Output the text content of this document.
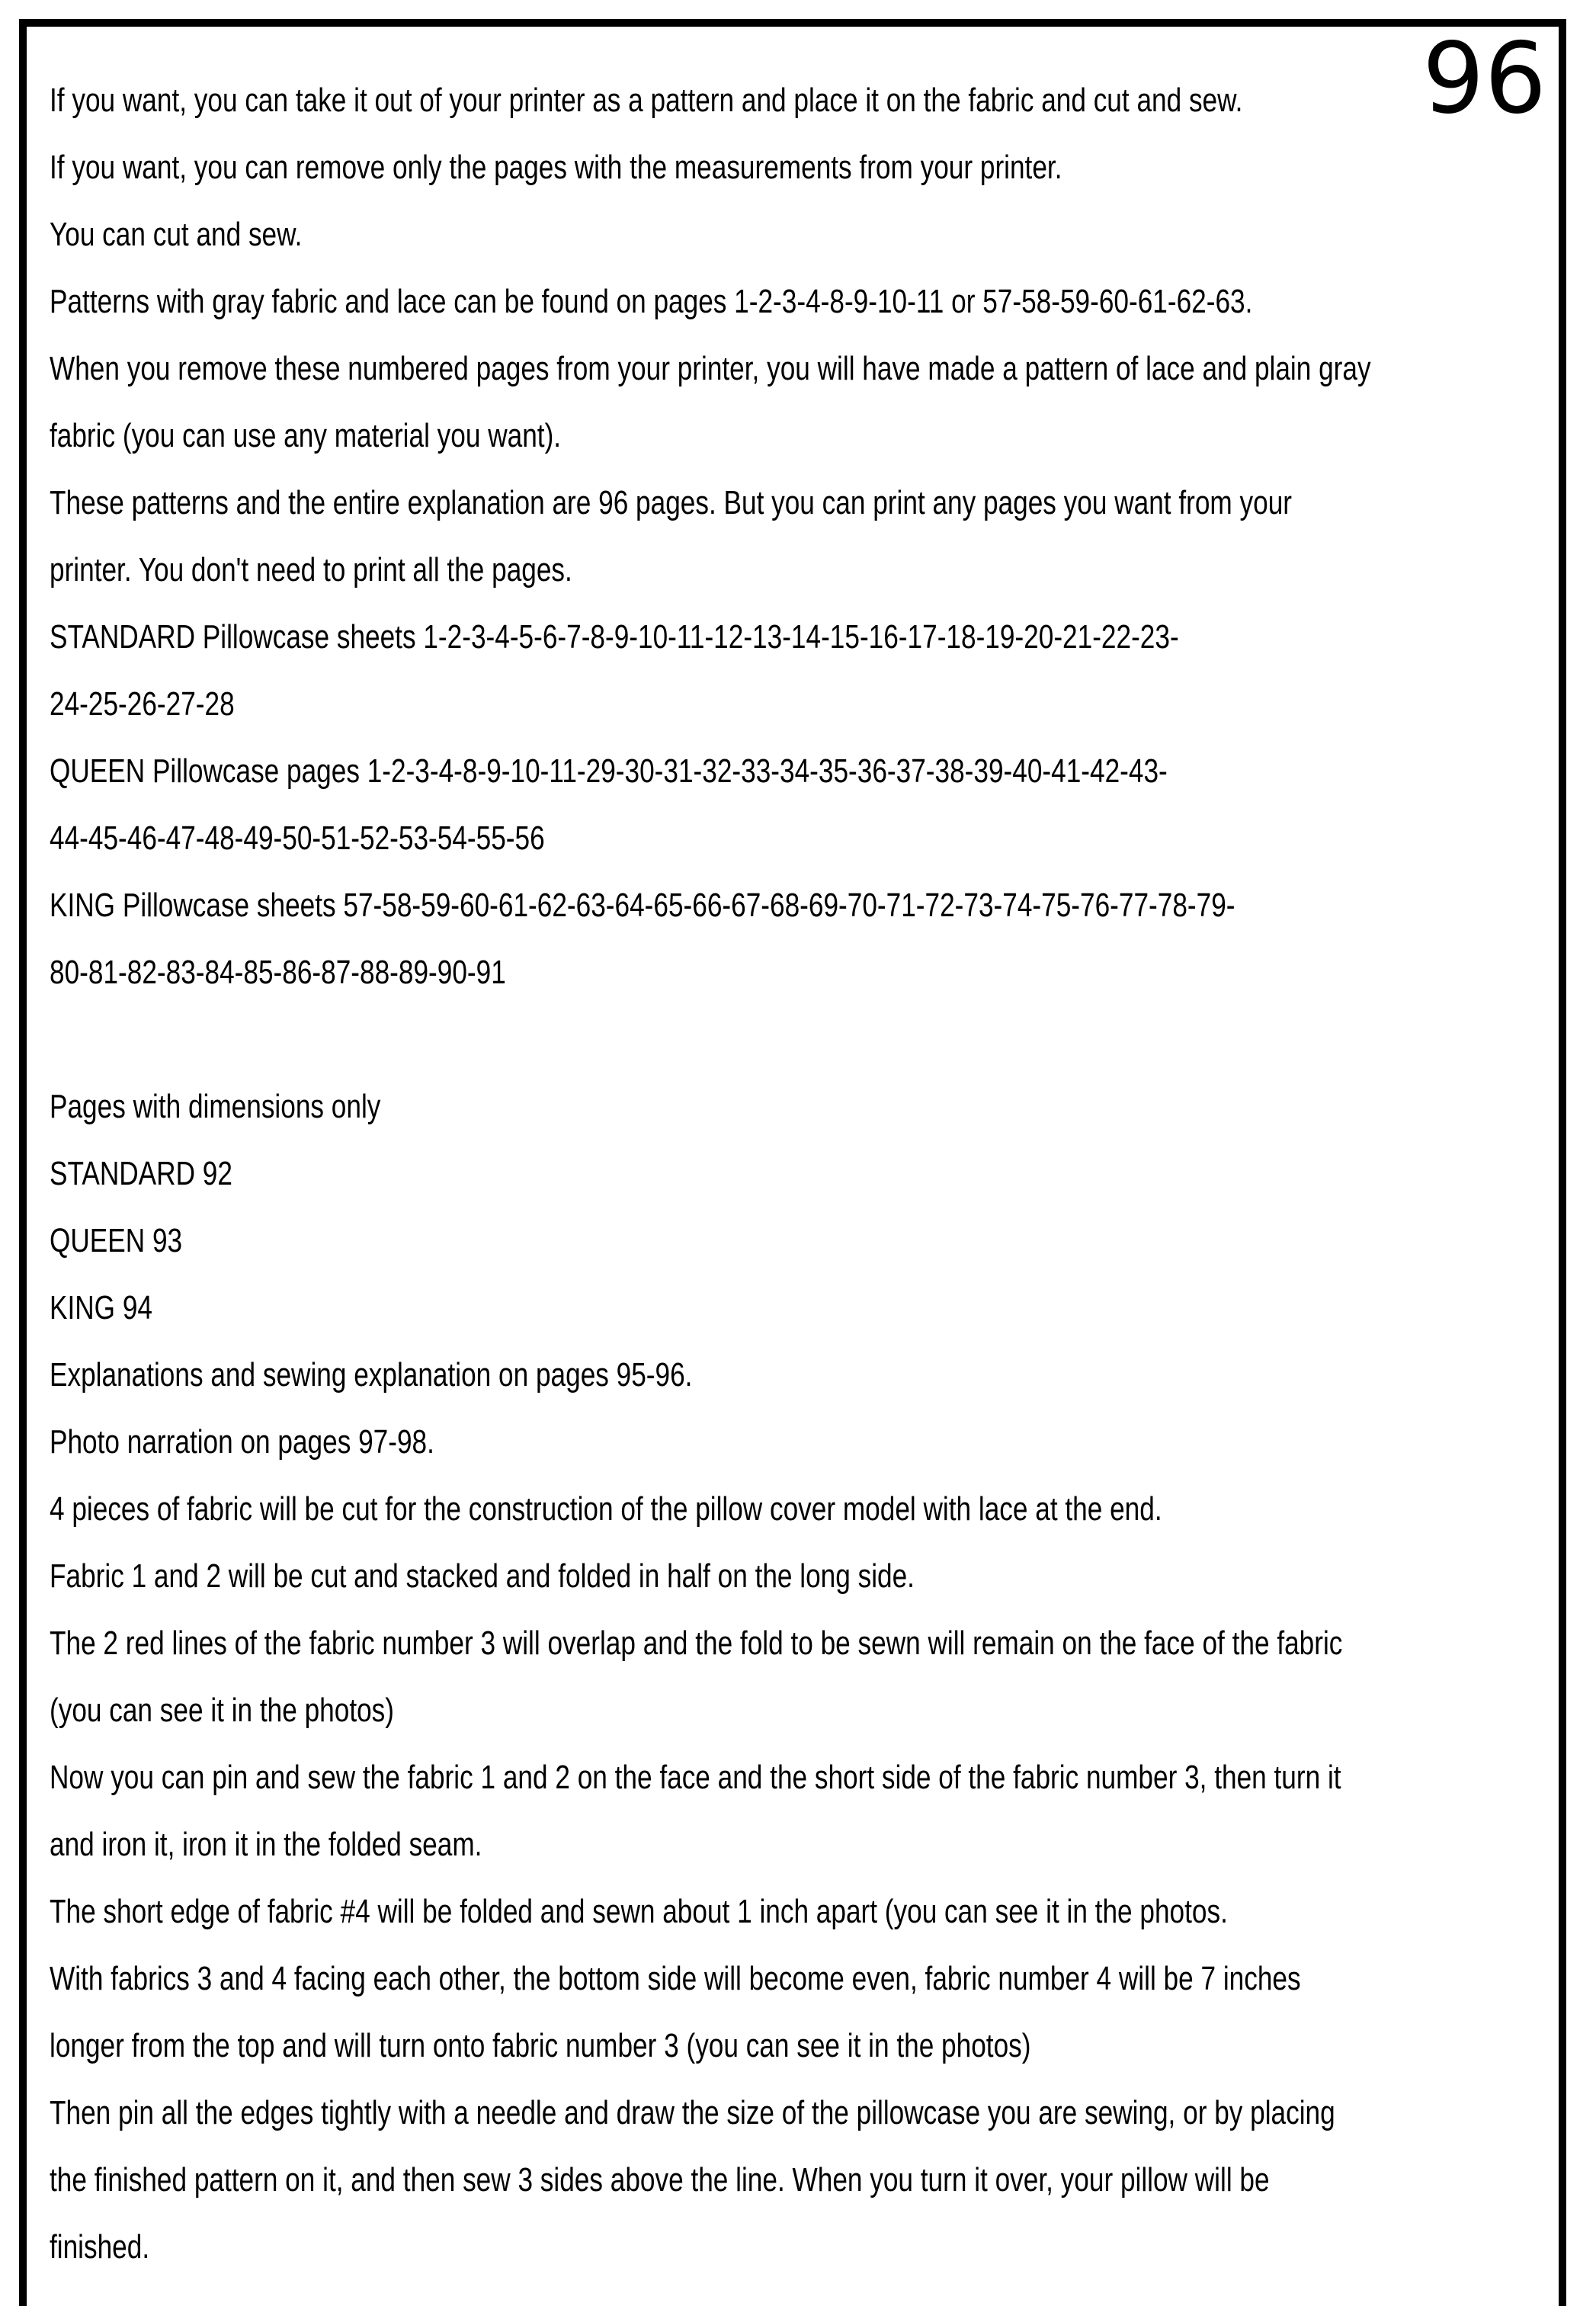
96
If you want, you can take it out of your printer as a pattern and place it on the fabric and cut and sew.
If you want, you can remove only the pages with the measurements from your printer.
You can cut and sew.
Patterns with gray fabric and lace can be found on pages 1-2-3-4-8-9-10-11 or 57-58-59-60-61-62-63.
When you remove these numbered pages from your printer, you will have made a pattern of lace and plain gray
fabric (you can use any material you want).
These patterns and the entire explanation are 96 pages. But you can print any pages you want from your
printer. You don't need to print all the pages.
STANDARD Pillowcase sheets 1-2-3-4-5-6-7-8-9-10-11-12-13-14-15-16-17-18-19-20-21-22-23-
24-25-26-27-28
QUEEN Pillowcase pages 1-2-3-4-8-9-10-11-29-30-31-32-33-34-35-36-37-38-39-40-41-42-43-
44-45-46-47-48-49-50-51-52-53-54-55-56
KING Pillowcase sheets 57-58-59-60-61-62-63-64-65-66-67-68-69-70-71-72-73-74-75-76-77-78-79-
80-81-82-83-84-85-86-87-88-89-90-91
Pages with dimensions only
STANDARD 92
QUEEN 93
KING 94
Explanations and sewing explanation on pages 95-96.
Photo narration on pages 97-98.
4 pieces of fabric will be cut for the construction of the pillow cover model with lace at the end.
Fabric 1 and 2 will be cut and stacked and folded in half on the long side.
The 2 red lines of the fabric number 3 will overlap and the fold to be sewn will remain on the face of the fabric
(you can see it in the photos)
Now you can pin and sew the fabric 1 and 2 on the face and the short side of the fabric number 3, then turn it
and iron it, iron it in the folded seam.
The short edge of fabric #4 will be folded and sewn about 1 inch apart (you can see it in the photos.
With fabrics 3 and 4 facing each other, the bottom side will become even, fabric number 4 will be 7 inches
longer from the top and will turn onto fabric number 3 (you can see it in the photos)
Then pin all the edges tightly with a needle and draw the size of the pillowcase you are sewing, or by placing
the finished pattern on it, and then sew 3 sides above the line. When you turn it over, your pillow will be
finished.
